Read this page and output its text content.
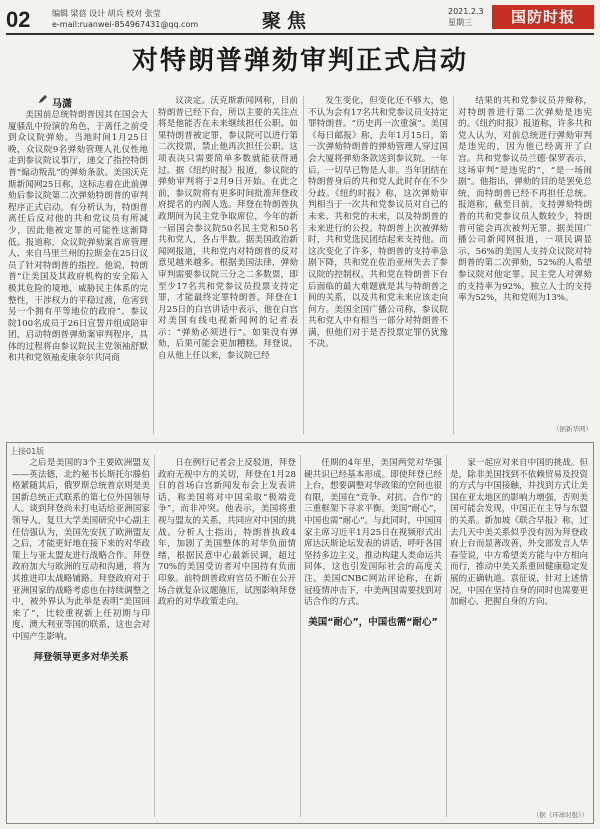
02	编辑 梁蓓 设计 胡兵 校对 张莹
e-mail:ruanwei-854967431@qq.com	聚焦	2021.2.3
星期三	国防时报
对特朗普弹劾审判正式启动
马潇

美国前总统特朗普因其在国会大厦骚乱中扮演的角色，于离任之前受到众议院弹劾。当地时间1月25日晚，众议院9名弹劾管理人礼仪性地走到参议院议事厅，递交了指控特朗普“煽动叛乱”的弹劾条款。美国沃克斯新闻网25日称，这标志着在此前弹劾后参议院第二次弹劾特朗普的审判程序正式启动。有分析认为，特朗普离任后反对他的共和党议员有所减少，因此他被定罪的可能性这渐降低。报道称，众议院弹劾案首席管理人、来自马里兰州的拉斯金在25日议员了针对特朗普的指控。他说，特朗普“让美国及其政府机构的安全陷入极其危险的境地，威胁民主体系的完整性，干涉权力的平稳过渡，危害到另一个拥有平等地位的政府”。参议院100名成员于26日宣誓并组成陪审团，启动特朗普弹劾案审判程序，具体的过程将由参议院民主党领袖舒默和共和党领袖麦康奈尔共同商

议决定。沃克斯新闻网称，目前特朗普已经下台，所以主要的关注点将是他能否在未来继续担任公职。如果特朗普被定罪，参议院可以进行第二次投票，禁止他再次担任公职。这项表决只需要简单多数就能获得通过。据《纽约时报》报道，参议院的弹劾审判将于2月9日开始。在此之前，参议院将有更多时间批准拜登政府提名的内阁人选。拜登在特朗普执政期间为民主党争取席位，今年的新一届国会参议院50名民主党和50名共和党人，各占半数。据美国政治新闻网报道，共和党内对特朗普的反对意见越来越多。根据美国法律，弹劾审判需要参议院三分之二多数票，即至少17名共和党参议员投票支持定罪，才能最终定罪特朗普。拜登在1月25日的白宫讲话中表示，他在白宫对美国有线电视新闻网的记者表示：“弹劾必须进行”。如果没有弹劾，后果可能会更加糟糕。拜登说，自从他上任以来，参议院已经

发生变化，但变化还不够大，他不认为会有17名共和党参议员支持定罪特朗普。“历史再一次重演”。美国《每日邮报》称，去年1月15日，第一次弹劾特朗普的弹劾管理人穿过国会大厦将弹劾条款送到参议院。一年后，一切早已物是人非。当年团结在特朗普身后的共和党人此时存在不少分歧。《纽约时报》称，这次弹劾审判相当于一次共和党参议员对自己的未来、共和党的未来，以及特朗普的未来进行的公投。特朗普上次被弹劾时，共和党选民团结起来支持他。而这次变化了许多，特朗普的支持率急剧下降，共和党在佐治亚州失去了参议院的控制权。共和党在特朗普下台后面临的最大难题就是其与特朗普之间的关系，以及共和党未来应该走向何方。美国全国广播公司称，参议院共和党人中有相当一部分对特朗普不满，但他们对于是否投票定罪仍犹豫不决。

结果的共和党参议员并辩称，对特朗普进行第二次弹劾是违宪的。《纽约时报》报道称，许多共和党人认为，对前总统进行弹劾审判是违宪的，因为他已经离开了白宫。共和党参议员兰德·保罗表示，这场审判“是违宪的”，“是一场闹剧”。他指出，弹劾的目的是罢免总统，而特朗普已经不再担任总统。报道称，截至目前，支持弹劾特朗普的共和党参议员人数较少，特朗普可能会再次被判无罪。据美国广播公司新闻网报道，一项民调显示，56%的美国人支持众议院对特朗普的第二次弹劾，52%的人希望参议院对他定罪。民主党人对弹劾的支持率为92%，独立人士的支持率为52%，共和党则为13%。

（据新华网）
上接01版

之后是美国的3个主要欧洲盟友——英法德，北约秘书长斯托尔滕伯格紧随其后，俄罗斯总统普京则是美国新总统正式联系的第七位外国领导人。谈到拜登尚未打电话给亚洲国家领导人，复旦大学美国研究中心副主任信强认为，美国先安抚了欧洲盟友之后，才能更好地在接下来的对华政策上与亚太盟友进行战略合作。拜登政府加大与欧洲的互动和沟通，将为其推进印太战略铺路。拜登政府对于亚洲国家的战略考虑也在持续调整之中，被外界认为此举是表明“美国回来了”，比较重视新上任初期与印度、澳大利亚等国的联系，这也会对中国产生影响。

拜登领导更多对华关系

日在例行记者会上反驳道，拜登政府无视中方的关切，拜登在1月28日的首场白宫新闻发布会上发表讲话，称美国将对中国采取“极端竞争”，而非冲突。他表示，美国将重视与盟友的关系，共同应对中国的挑战。分析人士指出，特朗普执政4年，加剧了美国整体的对华负面情绪，根据民意中心最新民调，超过70%的美国受访者对中国持有负面印象。前特朗普政府官员不断在公开场合就复杂议题施压，试图影响拜登政府的对华政策走向。

任期的4年里，美国两党对华强硬共识已经基本形成。即使拜登已经上台，想要调整对华政策的空间也很有限，美国在“竞争、对抗、合作”的三重框架下寻求平衡。美国“耐心”，中国也需“耐心”。与此同时，中国国家主席习近平1月25日在视频形式出席达沃斯论坛发表的讲话，呼吁各国坚持多边主义，推动构建人类命运共同体，这也引发国际社会的高度关注。美国CNBC网站评论称，在新冠疫情冲击下，中美两国需要找到对话合作的方式。

美国“耐心”，中国也需“耐心”

家一起应对来自中国的挑战。但是，除非美国找到不依赖贸易及投资的方式与中国接触，并找到方式让美国在亚太地区的影响力增强，否则美国可能会发现，中国正在主导与东盟的关系。新加坡《联合早报》称，过去几天中美关系似乎没有因为拜登政府上台而显著改善，外交部发言人华春莹说，中方希望美方能与中方相向而行，推动中美关系重回健康稳定发展的正确轨道。袁征说，针对上述情况，中国在坚持自身的同时也需要更加耐心，把握自身的方向。

（据《环球时报》）
